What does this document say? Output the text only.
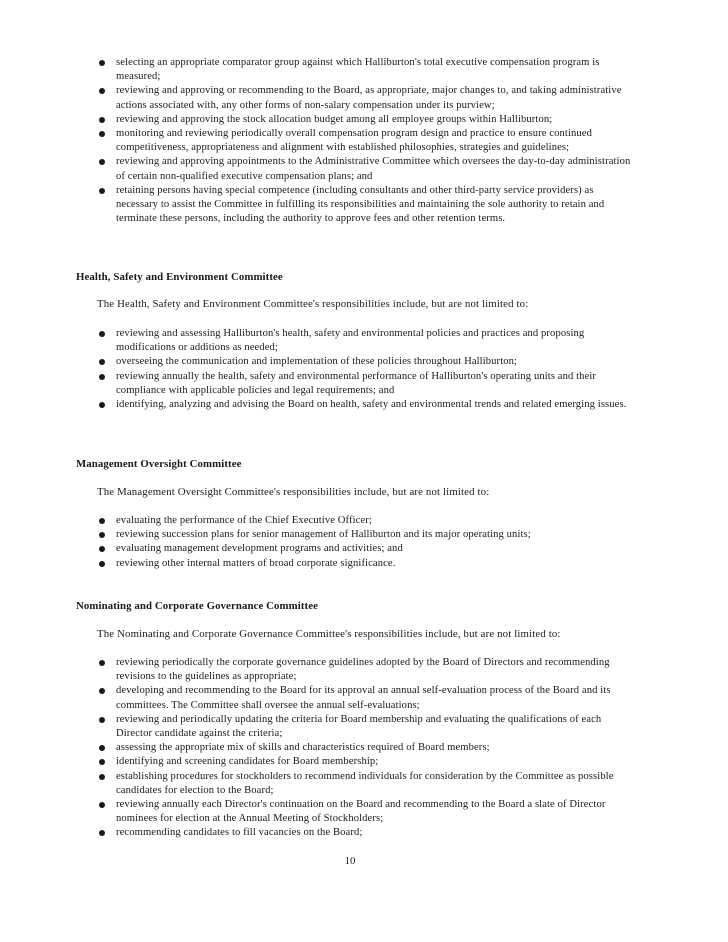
selecting an appropriate comparator group against which Halliburton's total executive compensation program is measured;
reviewing and approving or recommending to the Board, as appropriate, major changes to, and taking administrative actions associated with, any other forms of non-salary compensation under its purview;
reviewing and approving the stock allocation budget among all employee groups within Halliburton;
monitoring and reviewing periodically overall compensation program design and practice to ensure continued competitiveness, appropriateness and alignment with established philosophies, strategies and guidelines;
reviewing and approving appointments to the Administrative Committee which oversees the day-to-day administration of certain non-qualified executive compensation plans; and
retaining persons having special competence (including consultants and other third-party service providers) as necessary to assist the Committee in fulfilling its responsibilities and maintaining the sole authority to retain and terminate these persons, including the authority to approve fees and other retention terms.
Health, Safety and Environment Committee
The Health, Safety and Environment Committee's responsibilities include, but are not limited to:
reviewing and assessing Halliburton's health, safety and environmental policies and practices and proposing modifications or additions as needed;
overseeing the communication and implementation of these policies throughout Halliburton;
reviewing annually the health, safety and environmental performance of Halliburton's operating units and their compliance with applicable policies and legal requirements; and
identifying, analyzing and advising the Board on health, safety and environmental trends and related emerging issues.
Management Oversight Committee
The Management Oversight Committee's responsibilities include, but are not limited to:
evaluating the performance of the Chief Executive Officer;
reviewing succession plans for senior management of Halliburton and its major operating units;
evaluating management development programs and activities; and
reviewing other internal matters of broad corporate significance.
Nominating and Corporate Governance Committee
The Nominating and Corporate Governance Committee's responsibilities include, but are not limited to:
reviewing periodically the corporate governance guidelines adopted by the Board of Directors and recommending revisions to the guidelines as appropriate;
developing and recommending to the Board for its approval an annual self-evaluation process of the Board and its committees. The Committee shall oversee the annual self-evaluations;
reviewing and periodically updating the criteria for Board membership and evaluating the qualifications of each Director candidate against the criteria;
assessing the appropriate mix of skills and characteristics required of Board members;
identifying and screening candidates for Board membership;
establishing procedures for stockholders to recommend individuals for consideration by the Committee as possible candidates for election to the Board;
reviewing annually each Director's continuation on the Board and recommending to the Board a slate of Director nominees for election at the Annual Meeting of Stockholders;
recommending candidates to fill vacancies on the Board;
10
